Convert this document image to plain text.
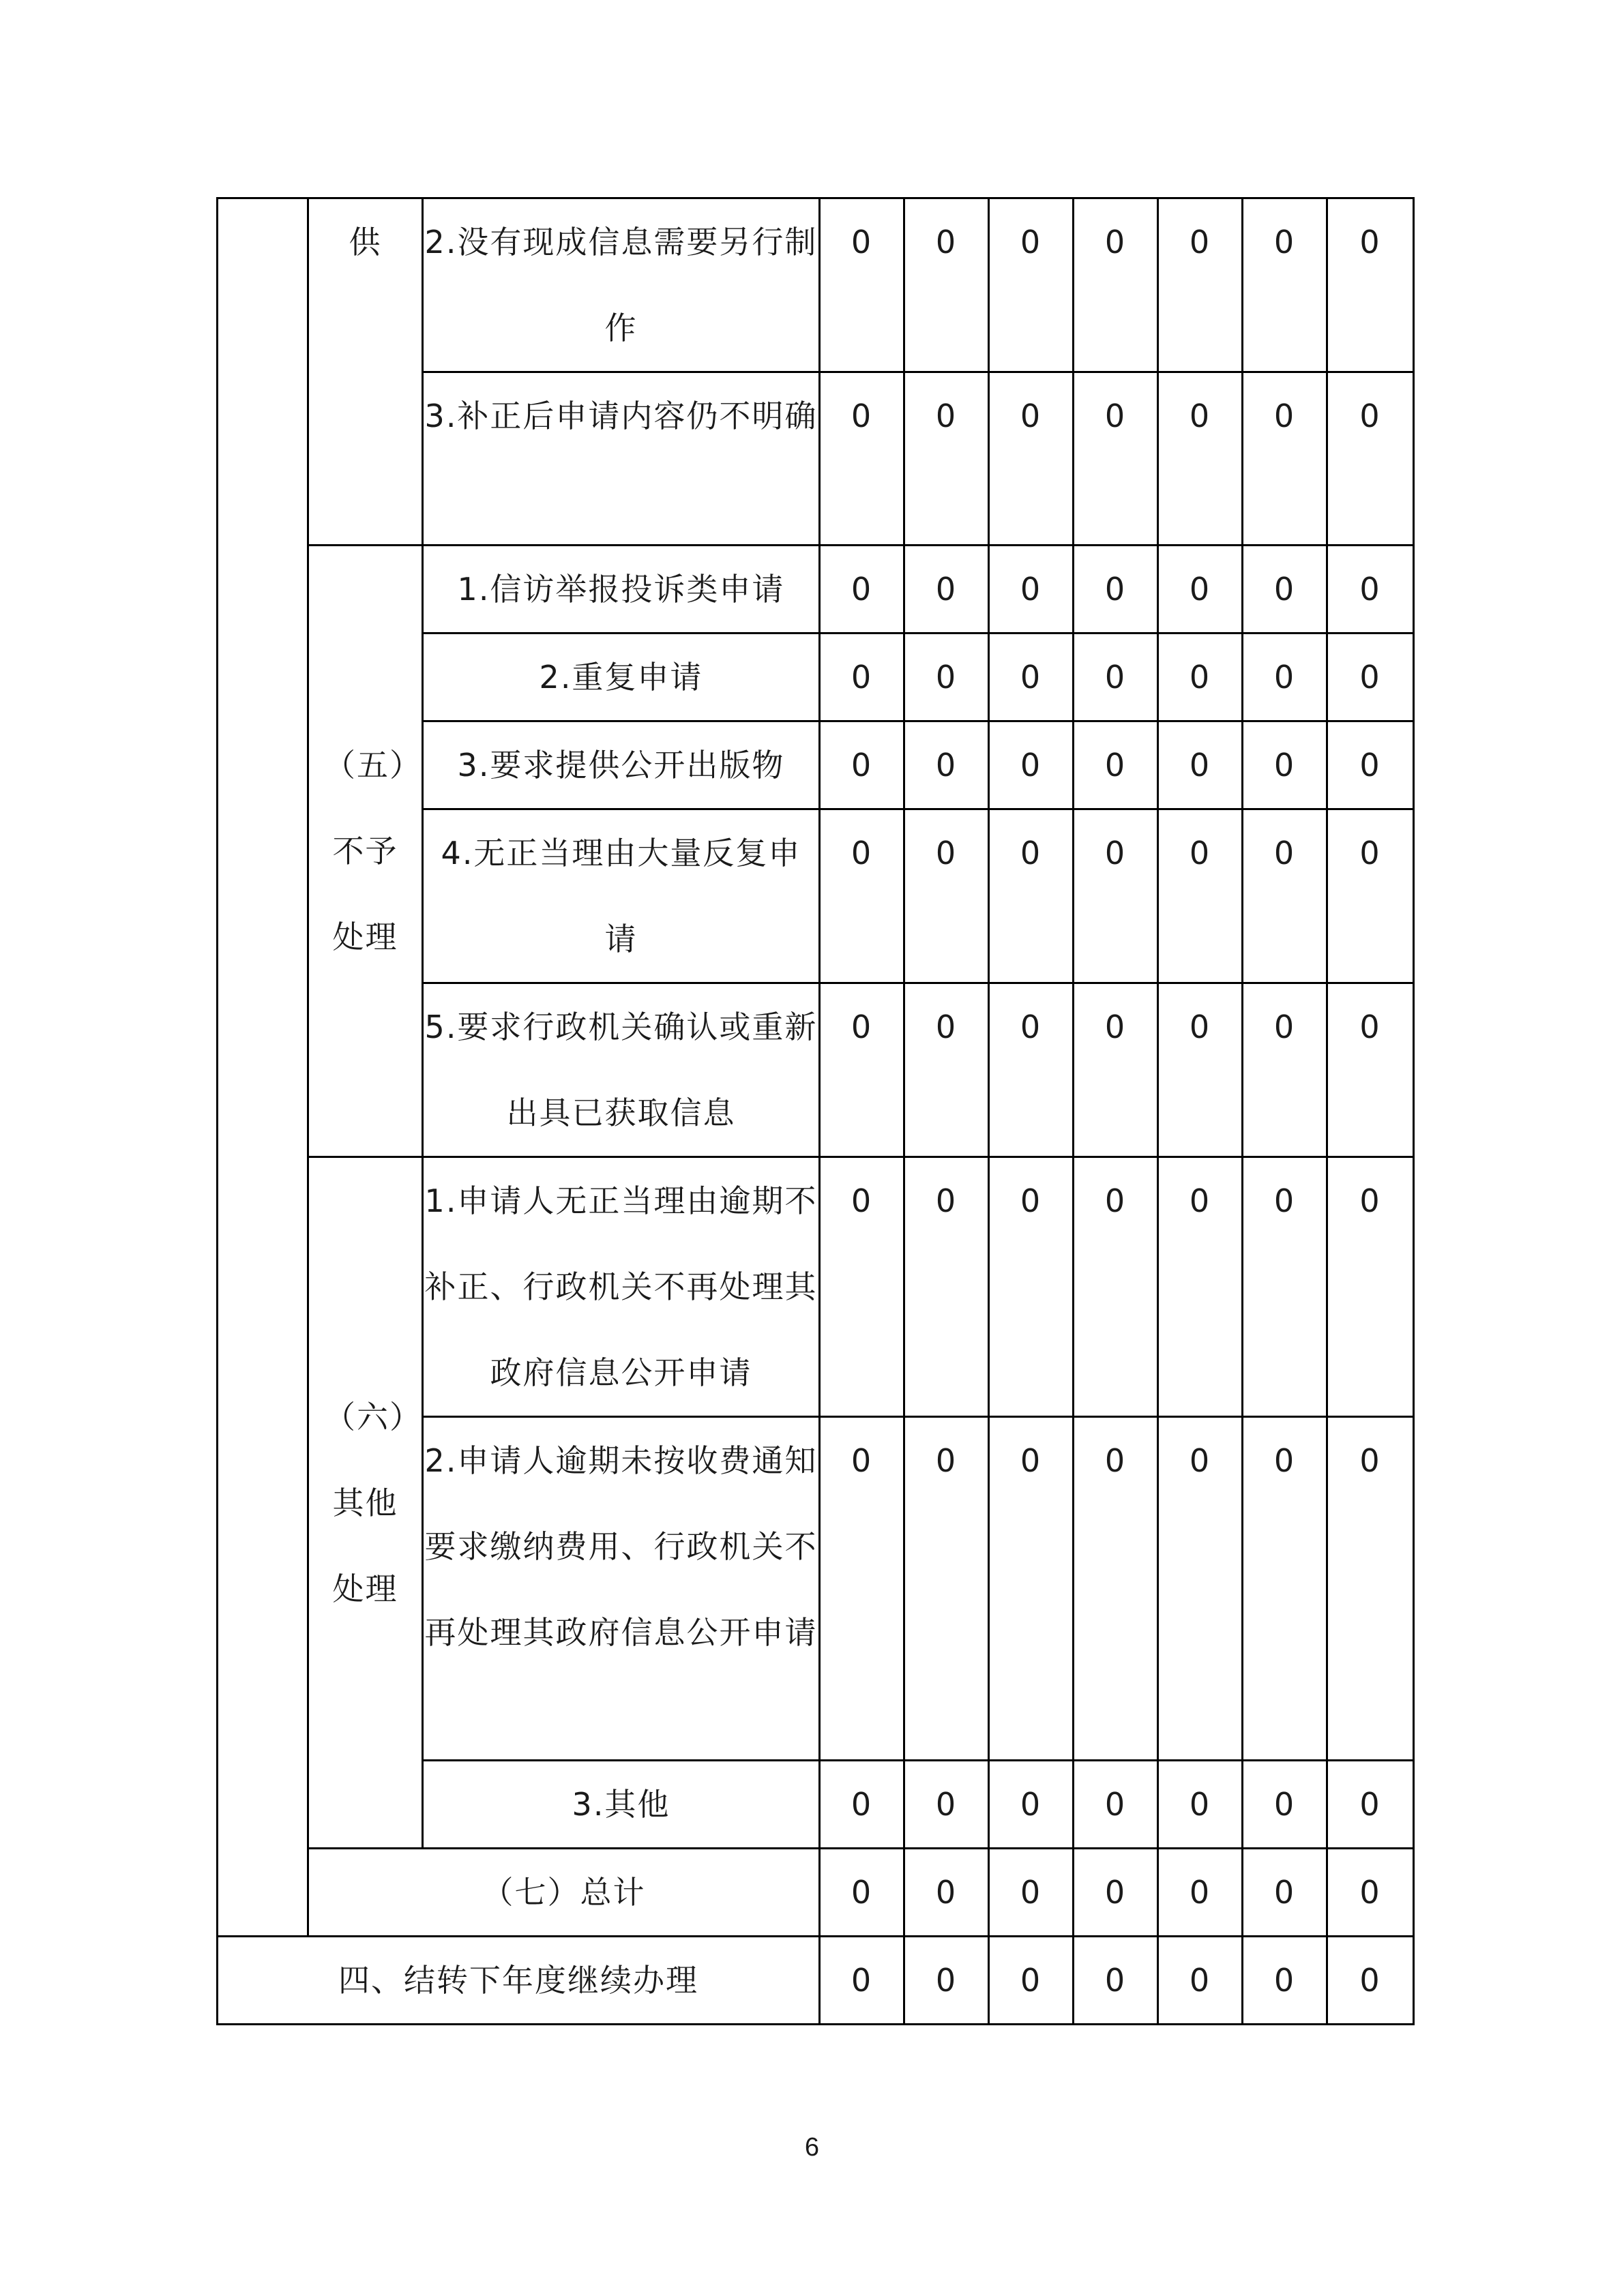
	供	2.没有现成信息需要另行制作	0	0	0	0	0	0	0
		3.补正后申请内容仍不明确	0	0	0	0	0	0	0
	（五）不予处理	1.信访举报投诉类申请	0	0	0	0	0	0	0
		2.重复申请	0	0	0	0	0	0	0
		3.要求提供公开出版物	0	0	0	0	0	0	0
		4.无正当理由大量反复申请	0	0	0	0	0	0	0
		5.要求行政机关确认或重新出具已获取信息	0	0	0	0	0	0	0
	（六）其他处理	1.申请人无正当理由逾期不补正、行政机关不再处理其政府信息公开申请	0	0	0	0	0	0	0
		2.申请人逾期未按收费通知要求缴纳费用、行政机关不再处理其政府信息公开申请	0	0	0	0	0	0	0
		3.其他	0	0	0	0	0	0	0
	（七）总计		0	0	0	0	0	0	0
四、结转下年度继续办理			0	0	0	0	0	0	0
6
